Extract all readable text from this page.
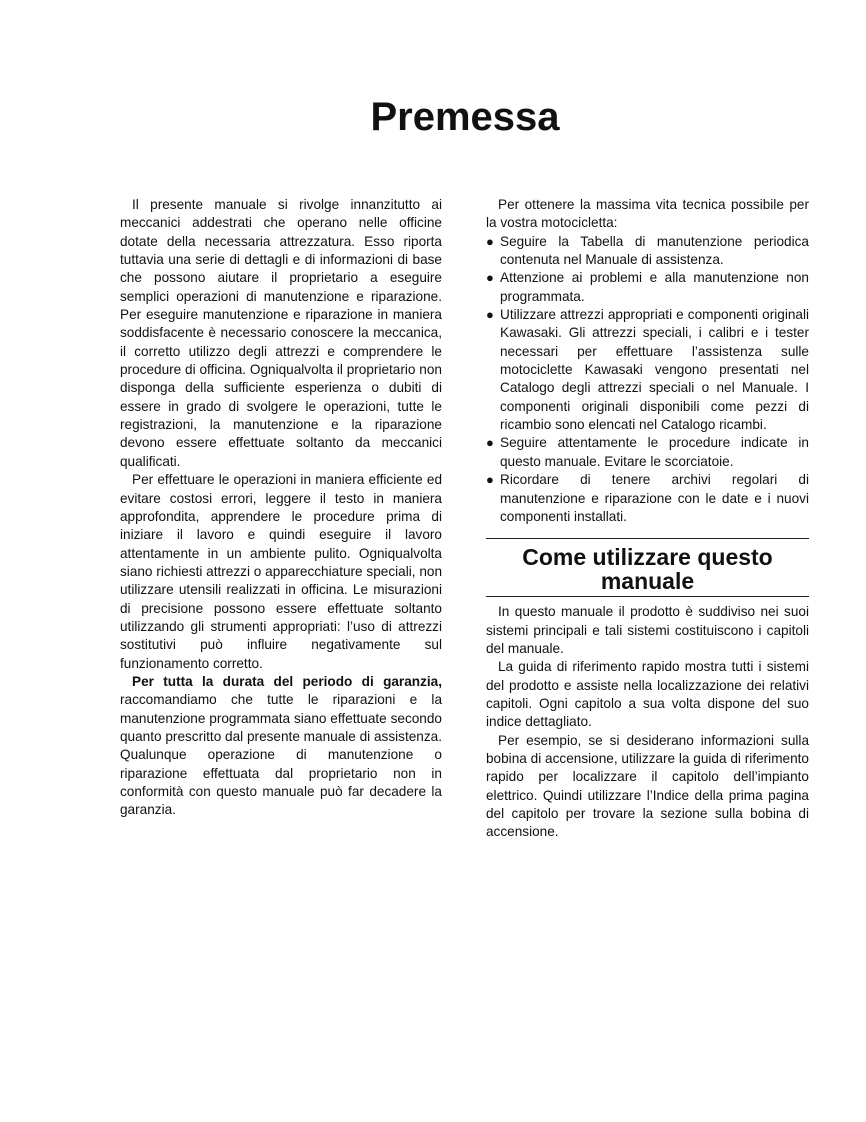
Premessa

Il presente manuale si rivolge innanzitutto ai meccanici addestrati che operano nelle officine dotate della necessaria attrezzatura. Esso riporta tuttavia una serie di dettagli e di informazioni di base che possono aiutare il proprietario a eseguire semplici operazioni di manutenzione e riparazione. Per eseguire manutenzione e riparazione in maniera soddisfacente è necessario conoscere la meccanica, il corretto utilizzo degli attrezzi e comprendere le procedure di officina. Ogniqualvolta il proprietario non disponga della sufficiente esperienza o dubiti di essere in grado di svolgere le operazioni, tutte le registrazioni, la manutenzione e la riparazione devono essere effettuate soltanto da meccanici qualificati.

Per effettuare le operazioni in maniera efficiente ed evitare costosi errori, leggere il testo in maniera approfondita, apprendere le procedure prima di iniziare il lavoro e quindi eseguire il lavoro attentamente in un ambiente pulito. Ogniqualvolta siano richiesti attrezzi o apparecchiature speciali, non utilizzare utensili realizzati in officina. Le misurazioni di precisione possono essere effettuate soltanto utilizzando gli strumenti appropriati: l’uso di attrezzi sostitutivi può influire negativamente sul funzionamento corretto.

Per tutta la durata del periodo di garanzia, raccomandiamo che tutte le riparazioni e la manutenzione programmata siano effettuate secondo quanto prescritto dal presente manuale di assistenza. Qualunque operazione di manutenzione o riparazione effettuata dal proprietario non in conformità con questo manuale può far decadere la garanzia.

Per ottenere la massima vita tecnica possibile per la vostra motocicletta:

● Seguire la Tabella di manutenzione periodica contenuta nel Manuale di assistenza.
● Attenzione ai problemi e alla manutenzione non programmata.
● Utilizzare attrezzi appropriati e componenti originali Kawasaki. Gli attrezzi speciali, i calibri e i tester necessari per effettuare l’assistenza sulle motociclette Kawasaki vengono presentati nel Catalogo degli attrezzi speciali o nel Manuale. I componenti originali disponibili come pezzi di ricambio sono elencati nel Catalogo ricambi.
● Seguire attentamente le procedure indicate in questo manuale. Evitare le scorciatoie.
● Ricordare di tenere archivi regolari di manutenzione e riparazione con le date e i nuovi componenti installati.
Come utilizzare questo manuale

In questo manuale il prodotto è suddiviso nei suoi sistemi principali e tali sistemi costituiscono i capitoli del manuale.

La guida di riferimento rapido mostra tutti i sistemi del prodotto e assiste nella localizzazione dei relativi capitoli. Ogni capitolo a sua volta dispone del suo indice dettagliato.

Per esempio, se si desiderano informazioni sulla bobina di accensione, utilizzare la guida di riferimento rapido per localizzare il capitolo dell’impianto elettrico. Quindi utilizzare l’Indice della prima pagina del capitolo per trovare la sezione sulla bobina di accensione.
